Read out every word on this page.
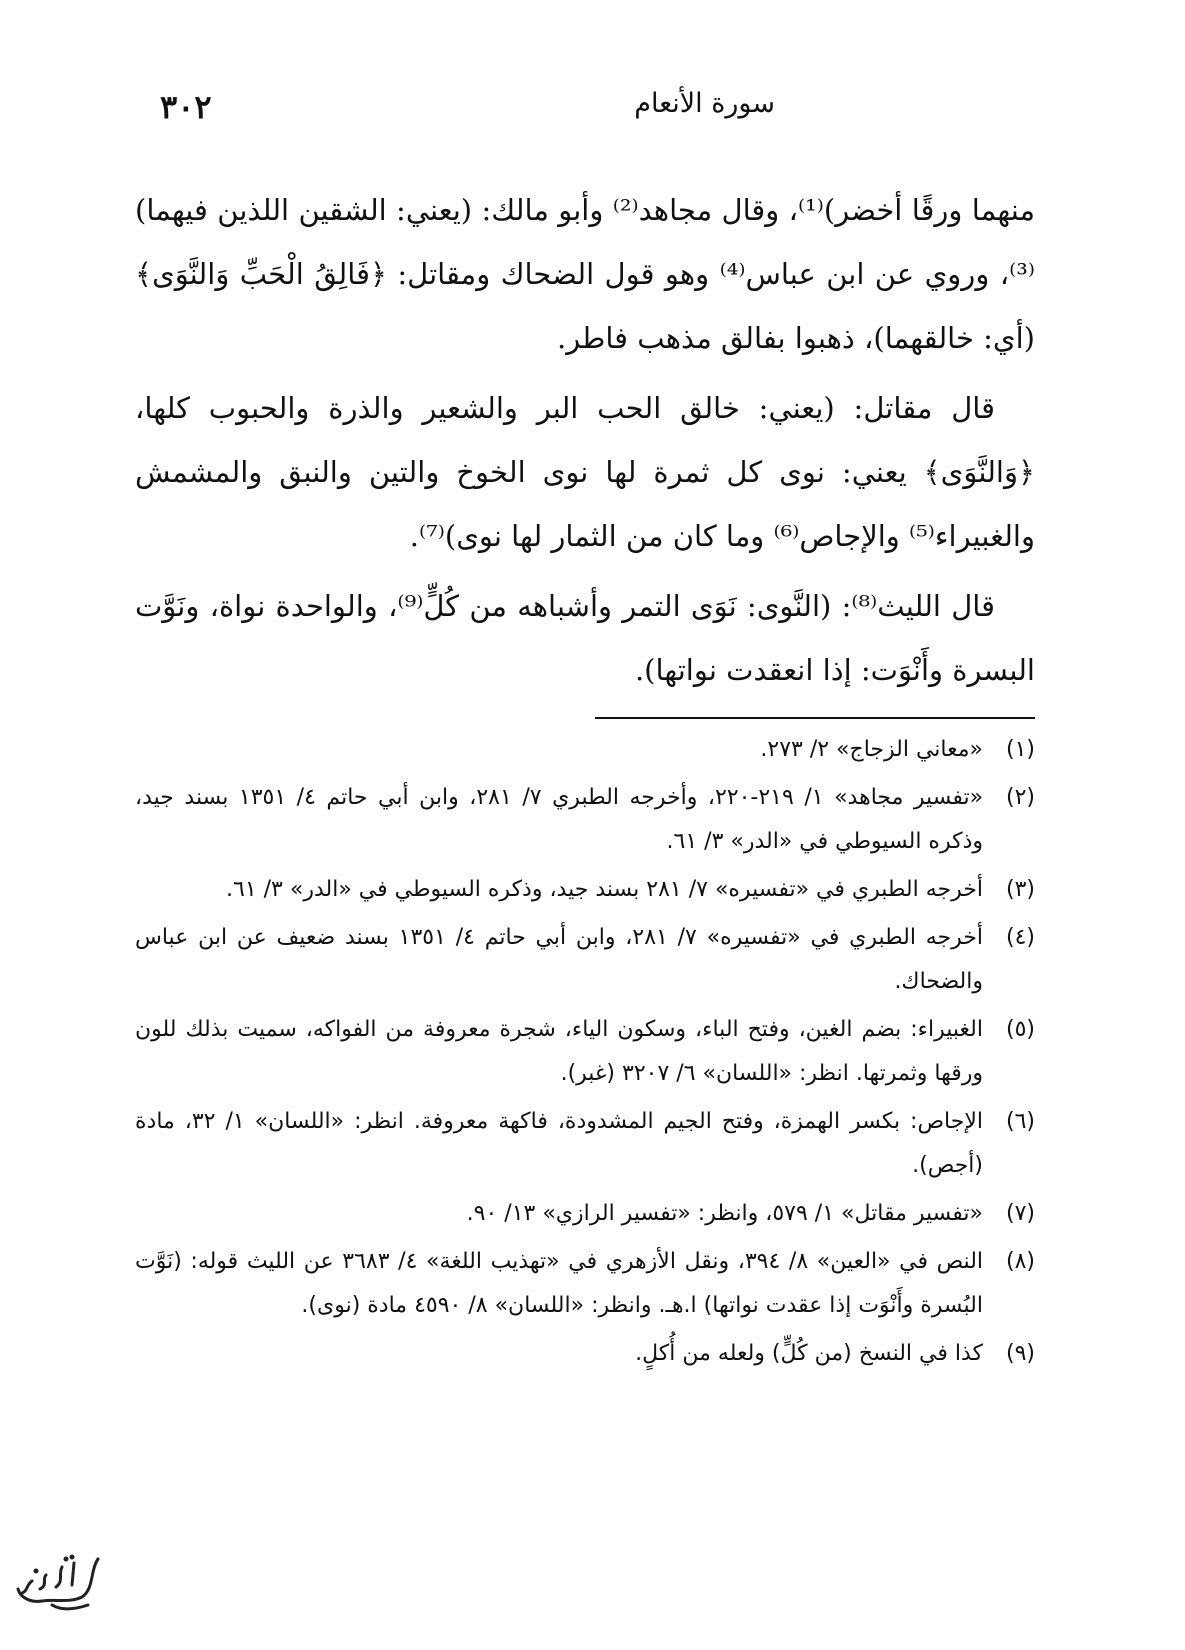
سورة الأنعام
٣٠٢

منهما ورقًا أخضر)⁽¹⁾، وقال مجاهد⁽²⁾ وأبو مالك: (يعني: الشقين اللذين فيهما)⁽³⁾، وروي عن ابن عباس⁽⁴⁾ وهو قول الضحاك ومقاتل: ﴿فَالِقُ الْحَبِّ وَالنَّوَى﴾ (أي: خالقهما)، ذهبوا بفالق مذهب فاطر.

قال مقاتل: (يعني: خالق الحب البر والشعير والذرة والحبوب كلها، ﴿وَالنَّوَى﴾ يعني: نوى كل ثمرة لها نوى الخوخ والتين والنبق والمشمش والغبيراء⁽⁵⁾ والإجاص⁽⁶⁾ وما كان من الثمار لها نوى)⁽⁷⁾.

قال الليث⁽⁸⁾: (النَّوى: نَوَى التمر وأشباهه من كُلٍّ⁽⁹⁾، والواحدة نواة، ونَوَّت البسرة وأَنْوَت: إذا انعقدت نواتها).

(١)
«معاني الزجاج» ٢/ ٢٧٣.
(٢)
«تفسير مجاهد» ١/ ٢١٩-٢٢٠، وأخرجه الطبري ٧/ ٢٨١، وابن أبي حاتم ٤/ ١٣٥١ بسند جيد، وذكره السيوطي في «الدر» ٣/ ٦١.
(٣)
أخرجه الطبري في «تفسيره» ٧/ ٢٨١ بسند جيد، وذكره السيوطي في «الدر» ٣/ ٦١.
(٤)
أخرجه الطبري في «تفسيره» ٧/ ٢٨١، وابن أبي حاتم ٤/ ١٣٥١ بسند ضعيف عن ابن عباس والضحاك.
(٥)
الغبيراء: بضم الغين، وفتح الباء، وسكون الياء، شجرة معروفة من الفواكه، سميت بذلك للون ورقها وثمرتها. انظر: «اللسان» ٦/ ٣٢٠٧ (غبر).
(٦)
الإجاص: بكسر الهمزة، وفتح الجيم المشدودة، فاكهة معروفة. انظر: «اللسان» ١/ ٣٢، مادة (أجص).
(٧)
«تفسير مقاتل» ١/ ٥٧٩، وانظر: «تفسير الرازي» ١٣/ ٩٠.
(٨)
النص في «العين» ٨/ ٣٩٤، ونقل الأزهري في «تهذيب اللغة» ٤/ ٣٦٨٣ عن الليث قوله: (نَوَّت البُسرة وأَنْوَت إذا عقدت نواتها) ا.هـ. وانظر: «اللسان» ٨/ ٤٥٩٠ مادة (نوى).
(٩)
كذا في النسخ (من كُلٍّ) ولعله من أُكلٍ.
